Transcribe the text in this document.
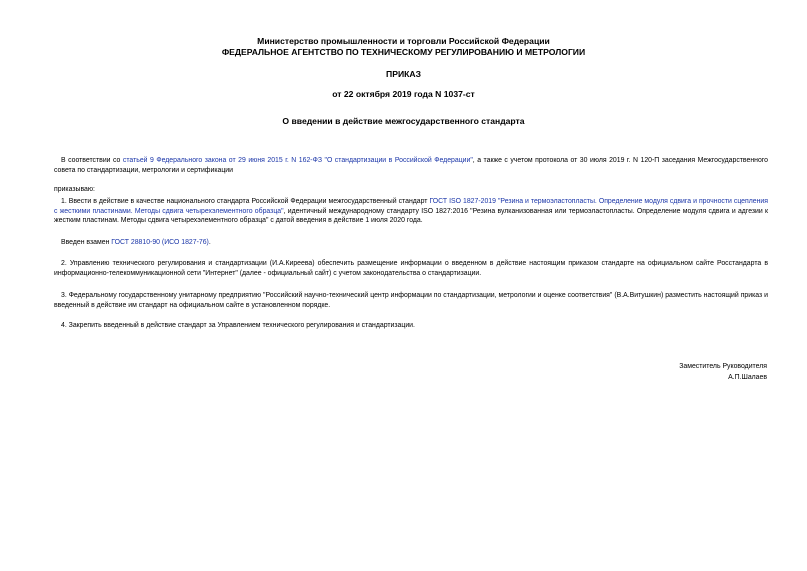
Министерство промышленности и торговли Российской Федерации
ФЕДЕРАЛЬНОЕ АГЕНТСТВО ПО ТЕХНИЧЕСКОМУ РЕГУЛИРОВАНИЮ И МЕТРОЛОГИИ
ПРИКАЗ
от 22 октября 2019 года N 1037-ст
О введении в действие межгосударственного стандарта
В соответствии со статьей 9 Федерального закона от 29 июня 2015 г. N 162-ФЗ "О стандартизации в Российской Федерации", а также с учетом протокола от 30 июля 2019 г. N 120-П заседания Межгосударственного совета по стандартизации, метрологии и сертификации
приказываю:
1. Ввести в действие в качестве национального стандарта Российской Федерации межгосударственный стандарт ГОСТ ISO 1827-2019 "Резина и термоэластопласты. Определение модуля сдвига и прочности сцепления с жесткими пластинами. Методы сдвига четырехэлементного образца", идентичный международному стандарту ISO 1827:2016 "Резина вулканизованная или термоэластопласты. Определение модуля сдвига и адгезии к жестким пластинам. Методы сдвига четырехэлементного образца" с датой введения в действие 1 июля 2020 года.
Введен взамен ГОСТ 28810-90 (ИСО 1827-76).
2. Управлению технического регулирования и стандартизации (И.А.Киреева) обеспечить размещение информации о введенном в действие настоящим приказом стандарте на официальном сайте Росстандарта в информационно-телекоммуникационной сети "Интернет" (далее - официальный сайт) с учетом законодательства о стандартизации.
3. Федеральному государственному унитарному предприятию "Российский научно-технический центр информации по стандартизации, метрологии и оценке соответствия" (В.А.Витушкин) разместить настоящий приказ и введенный в действие им стандарт на официальном сайте в установленном порядке.
4. Закрепить введенный в действие стандарт за Управлением технического регулирования и стандартизации.
Заместитель Руководителя
А.П.Шалаев
